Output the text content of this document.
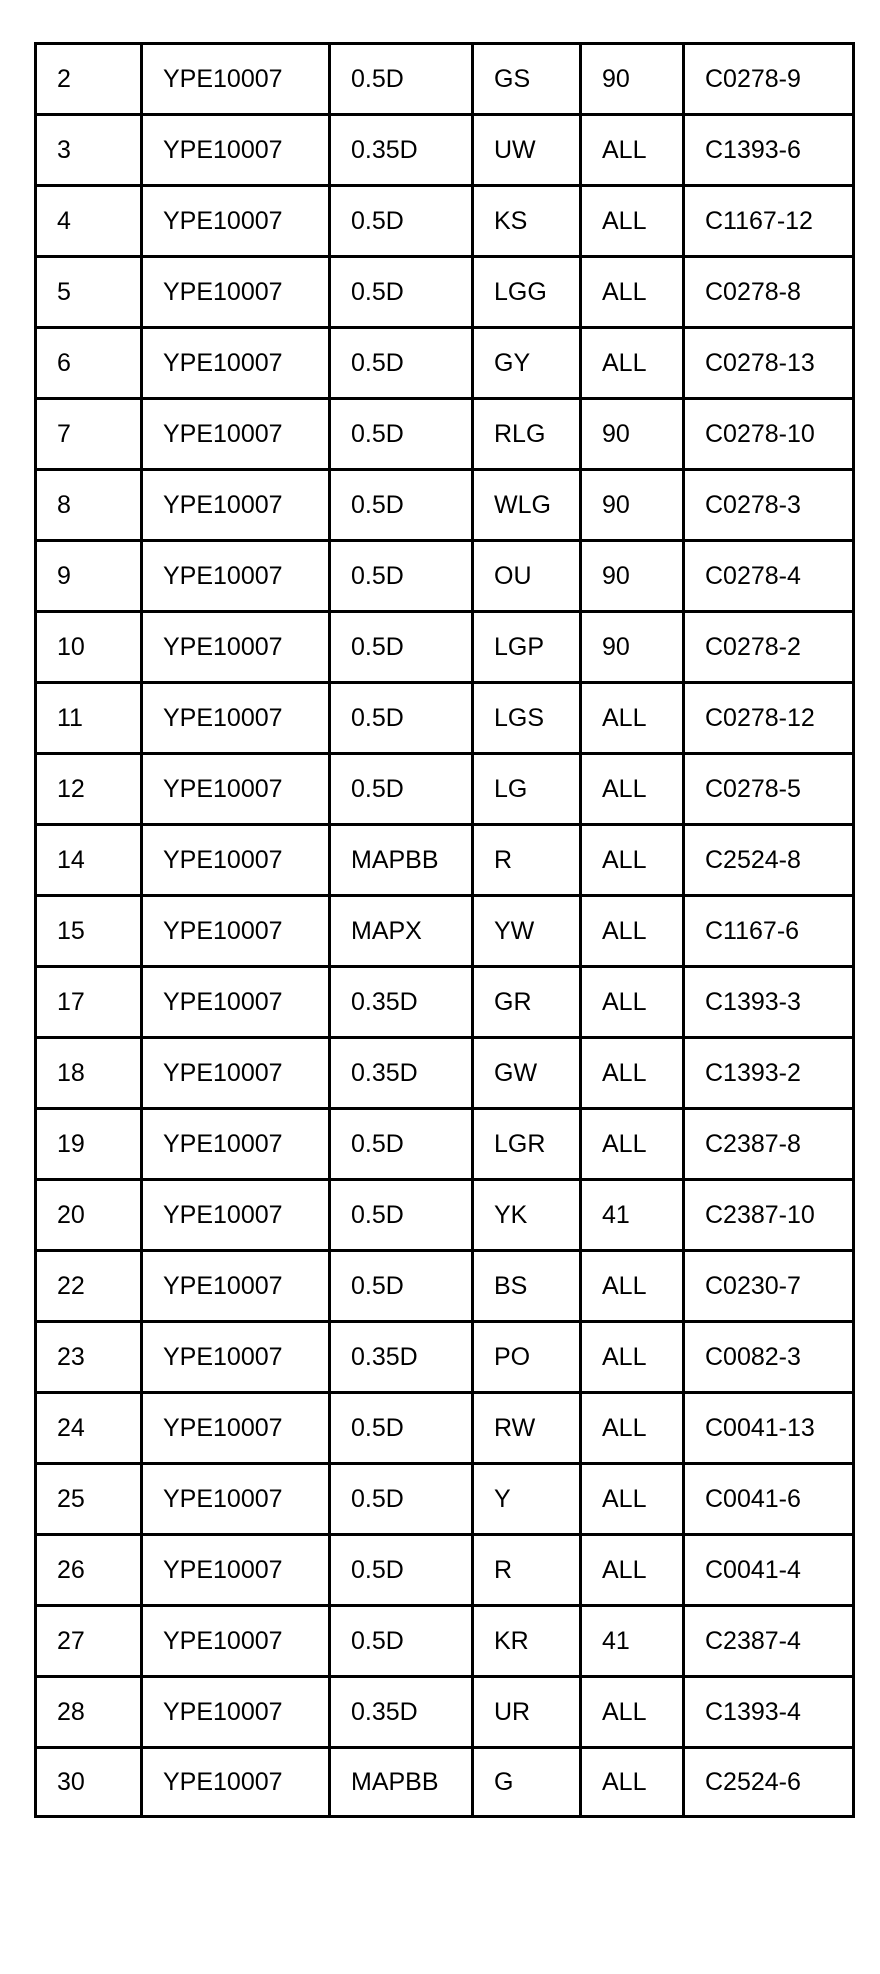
2	YPE10007	0.5D	GS	90	C0278-9
3	YPE10007	0.35D	UW	ALL	C1393-6
4	YPE10007	0.5D	KS	ALL	C1167-12
5	YPE10007	0.5D	LGG	ALL	C0278-8
6	YPE10007	0.5D	GY	ALL	C0278-13
7	YPE10007	0.5D	RLG	90	C0278-10
8	YPE10007	0.5D	WLG	90	C0278-3
9	YPE10007	0.5D	OU	90	C0278-4
10	YPE10007	0.5D	LGP	90	C0278-2
11	YPE10007	0.5D	LGS	ALL	C0278-12
12	YPE10007	0.5D	LG	ALL	C0278-5
14	YPE10007	MAPBB	R	ALL	C2524-8
15	YPE10007	MAPX	YW	ALL	C1167-6
17	YPE10007	0.35D	GR	ALL	C1393-3
18	YPE10007	0.35D	GW	ALL	C1393-2
19	YPE10007	0.5D	LGR	ALL	C2387-8
20	YPE10007	0.5D	YK	41	C2387-10
22	YPE10007	0.5D	BS	ALL	C0230-7
23	YPE10007	0.35D	PO	ALL	C0082-3
24	YPE10007	0.5D	RW	ALL	C0041-13
25	YPE10007	0.5D	Y	ALL	C0041-6
26	YPE10007	0.5D	R	ALL	C0041-4
27	YPE10007	0.5D	KR	41	C2387-4
28	YPE10007	0.35D	UR	ALL	C1393-4
30	YPE10007	MAPBB	G	ALL	C2524-6
